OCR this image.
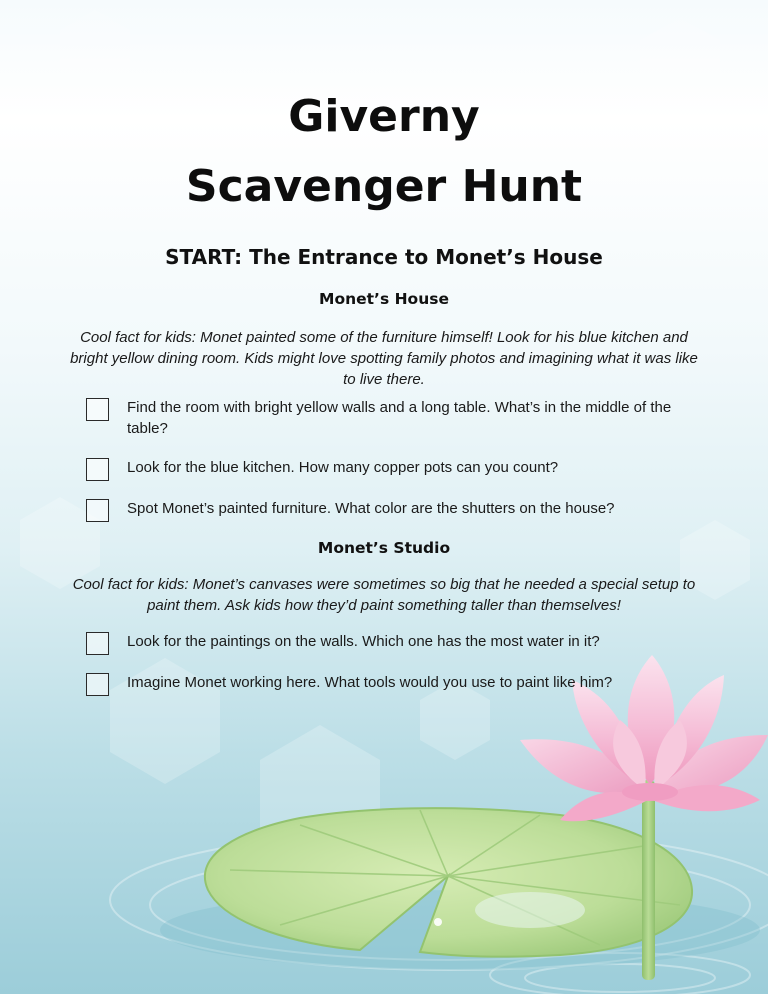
Giverny
Scavenger Hunt
START: The Entrance to Monet’s House
Monet’s House
Cool fact for kids: Monet painted some of the furniture himself! Look for his blue kitchen and bright yellow dining room. Kids might love spotting family photos and imagining what it was like to live there.
Find the room with bright yellow walls and a long table. What’s in the middle of the table?
Look for the blue kitchen. How many copper pots can you count?
Spot Monet’s painted furniture. What color are the shutters on the house?
Monet’s Studio
Cool fact for kids: Monet’s canvases were sometimes so big that he needed a special setup to paint them. Ask kids how they’d paint something taller than themselves!
Look for the paintings on the walls. Which one has the most water in it?
Imagine Monet working here. What tools would you use to paint like him?
